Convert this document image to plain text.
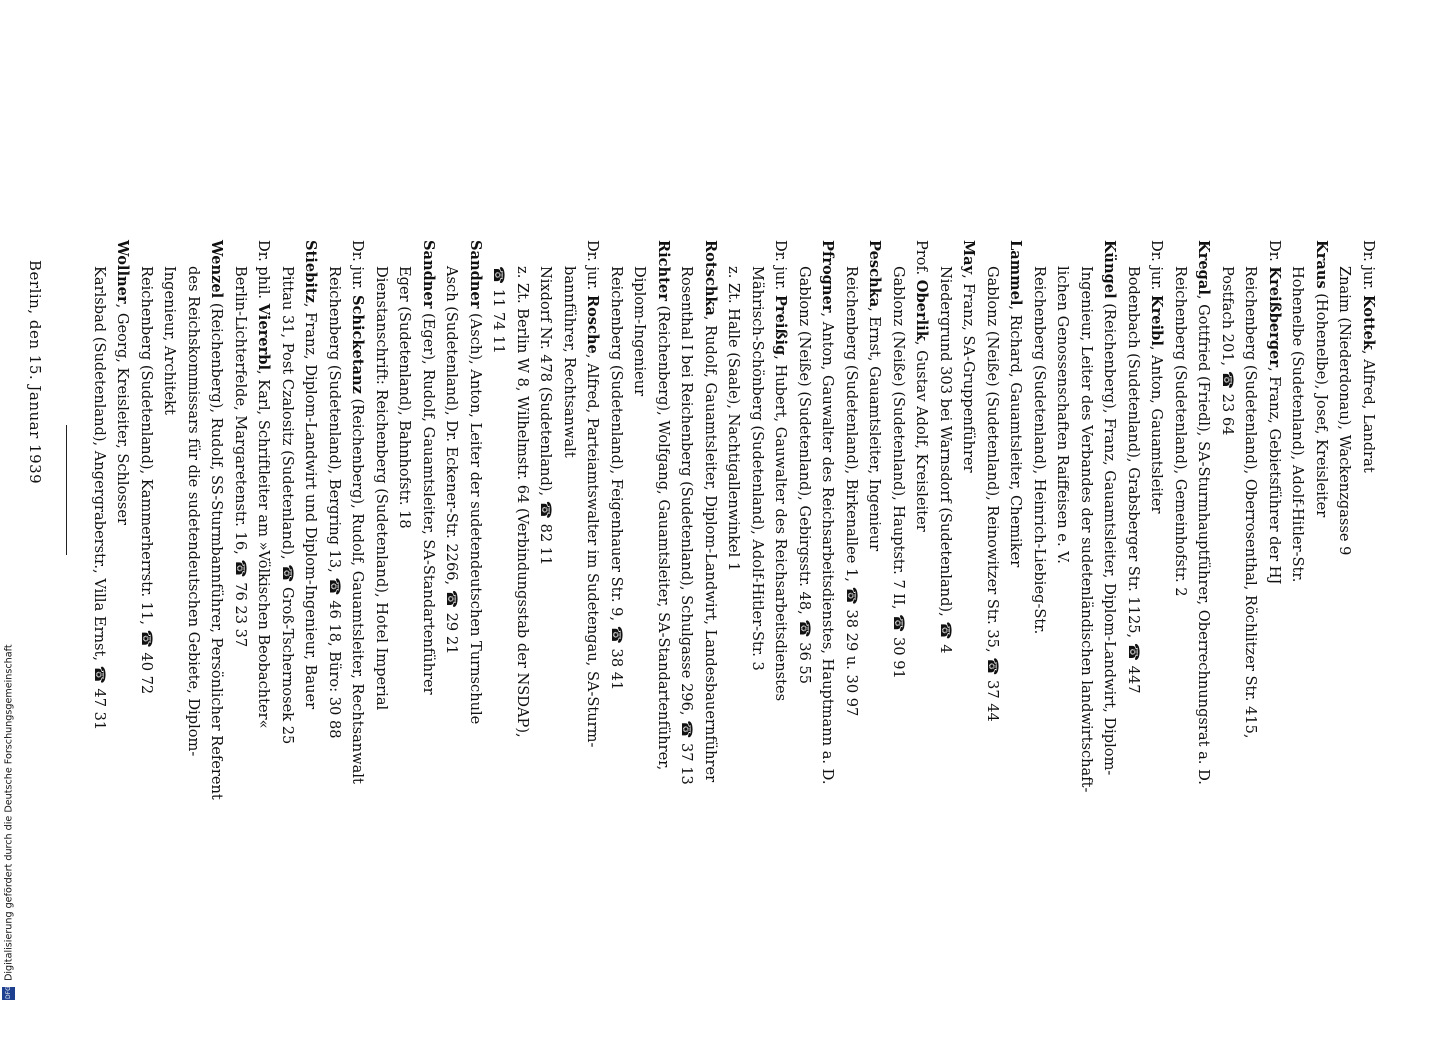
Dr. jur. Kottek, Alfred, Landrat
Znaim (Niederdonau), Wackenzgasse 9
Kraus (Hohenelbe), Josef, Kreisleiter
Hohenelbe (Sudetenland), Adolf-Hitler-Str.
Dr. Kreißberger, Franz, Gebietsführer der HJ
Reichenberg (Sudetenland), Oberrosenthal, Röchlitzer Str. 415,
Postfach 201, ☎ 23 64
Kregal, Gottfried (Friedl), SA-Sturmhauptführer, Oberrechnungsrat a. D.
Reichenberg (Sudetenland), Gemeinhofstr. 2
Dr. jur. Kreibl, Anton, Gauamtsleiter
Bodenbach (Sudetenland), Grabsberger Str. 1125, ☎ 447
Küngel (Reichenberg), Franz, Gauamtsleiter, Diplom-Landwirt, Diplom-
Ingenieur, Leiter des Verbandes der sudetenländischen landwirtschaft-
lichen Genossenschaften Raiffeisen e. V.
Reichenberg (Sudetenland), Heinrich-Liebieg-Str.
Lammel, Richard, Gauamtsleiter, Chemiker
Gablonz (Neiße) (Sudetenland), Reinowitzer Str. 35, ☎ 37 44
May, Franz, SA-Gruppenführer
Niedergrund 303 bei Warnsdorf (Sudetenland), ☎ 4
Prof. Oberlik, Gustav Adolf, Kreisleiter
Gablonz (Neiße) (Sudetenland), Hauptstr. 7 II, ☎ 30 91
Peschka, Ernst, Gauamtsleiter, Ingenieur
Reichenberg (Sudetenland), Birkenallee 1, ☎ 38 29 u. 30 97
Pfrogner, Anton, Gauwalter des Reichsarbeitsdienstes, Hauptmann a. D.
Gablonz (Neiße) (Sudetenland), Gebirgsstr. 48, ☎ 36 55
Dr. jur. Preißig, Hubert, Gauwalter des Reichsarbeitsdienstes
Mährisch-Schönberg (Sudetenland), Adolf-Hitler-Str. 3
z. Zt. Halle (Saale), Nachtigallenwinkel 1
Rotschka, Rudolf, Gauamtsleiter, Diplom-Landwirt, Landesbauernführer
Rosenthal I bei Reichenberg (Sudetenland), Schulgasse 296, ☎ 37 13
Richter (Reichenberg), Wolfgang, Gauamtsleiter, SA-Standartenführer,
Diplom-Ingenieur
Reichenberg (Sudetenland), Feigenhauer Str. 9, ☎ 38 41
Dr. jur. Rosche, Alfred, Parteiamtswalter im Sudetengau, SA-Sturm-
bannführer, Rechtsanwalt
Nixdorf Nr. 478 (Sudetenland), ☎ 82 11
z. Zt. Berlin W 8, Wilhelmstr. 64 (Verbindungsstab der NSDAP),
☎ 11 74 11
Sandner (Asch), Anton, Leiter der sudetendeutschen Turnschule
Asch (Sudetenland), Dr. Eckener-Str. 2266, ☎ 29 21
Sandner (Eger), Rudolf, Gauamtsleiter, SA-Standartenführer
Eger (Sudetenland), Bahnhofstr. 18
Dienstanschrift: Reichenberg (Sudetenland), Hotel Imperial
Dr. jur. Schicketanz (Reichenberg), Rudolf, Gauamtsleiter, Rechtsanwalt
Reichenberg (Sudetenland), Bergring 13, ☎ 46 18, Büro: 30 88
Stiebitz, Franz, Diplom-Landwirt und Diplom-Ingenieur, Bauer
Pittau 31, Post Czalositz (Sudetenland), ☎ Groß-Tschernosek 25
Dr. phil. Viererbl, Karl, Schriftleiter am »Völkischen Beobachter«
Berlin-Lichterfelde, Margaretenstr. 16, ☎ 76 23 37
Wenzel (Reichenberg), Rudolf, SS-Sturmbannführer, Persönlicher Referent
des Reichskommissars für die sudetendeutschen Gebiete, Diplom-
Ingenieur, Architekt
Reichenberg (Sudetenland), Kammerherrstr. 11, ☎ 40 72
Wollner, Georg, Kreisleiter, Schlosser
Karlsbad (Sudetenland), Angergraberstr., Villa Ernst, ☎ 47 31
Berlin, den 15. Januar 1939
DFGDigitalisierung gefördert durch die Deutsche Forschungsgemeinschaft
